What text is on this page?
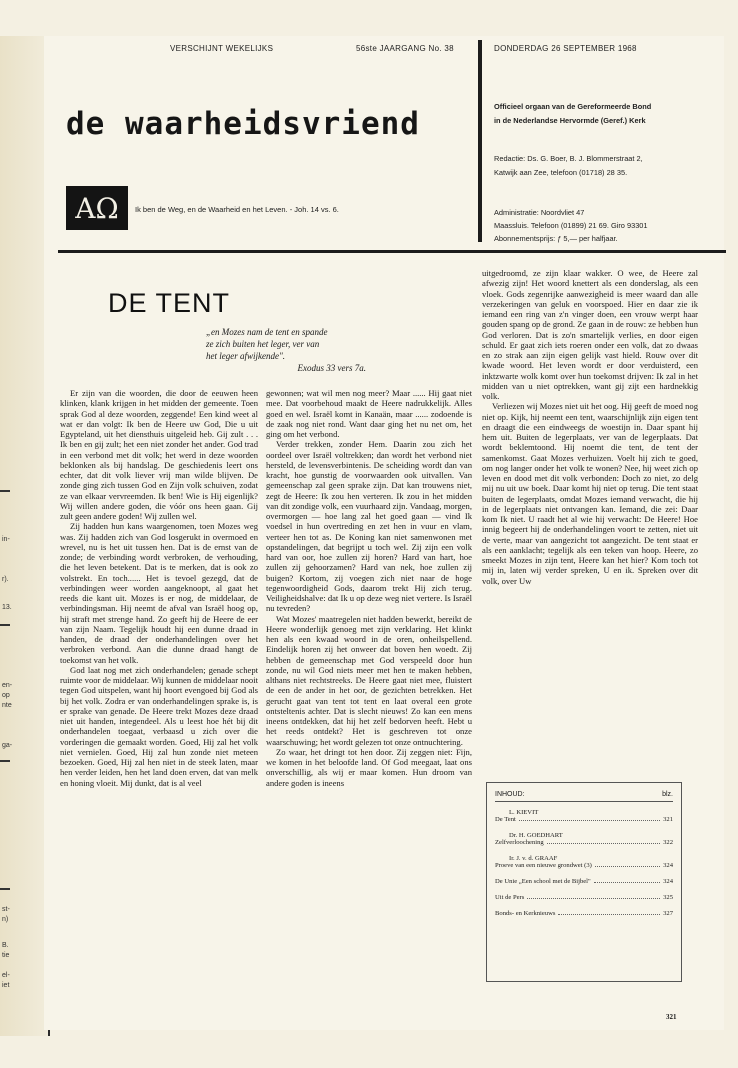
in-
r).
13.
en-
op
nte
ga-
st-
n)
B.
tie
el-
iet
VERSCHIJNT WEKELIJKS	56ste JAARGANG No. 38	DONDERDAG 26 SEPTEMBER 1968
de waarheidsvriend
ΑΩ	Ik ben de Weg, en de Waarheid en het Leven. - Joh. 14 vs. 6.
Officieel orgaan van de Gereformeerde Bond
in de Nederlandse Hervormde (Geref.) Kerk
Redactie: Ds. G. Boer, B. J. Blommerstraat 2,
Katwijk aan Zee, telefoon (01718) 28 35.
Administratie: Noordvliet 47
Maassluis. Telefoon (01899) 21 69. Giro 93301
Abonnementsprijs: ƒ 5,— per halfjaar.
DE TENT
„en Mozes nam de tent en spande
ze zich buiten het leger, ver van
het leger afwijkende".
Exodus 33 vers 7a.

Er zijn van die woorden, die door de eeuwen heen klinken, klank krijgen in het midden der gemeente. Toen sprak God al deze woorden, zeggende! Een kind weet al wat er dan volgt: Ik ben de Heere uw God, Die u uit Egypteland, uit het diensthuis uitgeleid heb. Gij zult . . . Ik ben en gij zult; het een niet zonder het ander. God trad in een verbond met dit volk; het werd in deze woorden beklonken als bij handslag. De geschiedenis leert ons echter, dat dit volk liever vrij man wilde blijven. De zonde ging zich tussen God en Zijn volk schuiven, zodat ze van elkaar vervreemden. Ik ben! Wie is Hij eigenlijk? Wij willen andere goden, die vóór ons heen gaan. Gij zult geen andere goden! Wij zullen wel.

Zij hadden hun kans waargenomen, toen Mozes weg was. Zij hadden zich van God losgerukt in overmoed en wrevel, nu is het uit tussen hen. Dat is de ernst van de zonde; de verbinding wordt verbroken, de verhouding, die het leven betekent. Dat is te merken, dat is ook zo volstrekt. En toch...... Het is tevoel gezegd, dat de verbindingen weer worden aangeknoopt, al gaat het reeds die kant uit. Mozes is er nog, de middelaar, de verbindingsman. Hij neemt de afval van Israël hoog op, hij straft met strenge hand. Zo geeft hij de Heere de eer van zijn Naam. Tegelijk houdt hij een dunne draad in handen, de draad der onderhandelingen over het verbroken verbond. Aan die dunne draad hangt de toekomst van het volk.

God laat nog met zich onderhandelen; genade schept ruimte voor de middelaar. Wij kunnen de middelaar nooit tegen God uitspelen, want hij hoort evengoed bij God als bij het volk. Zodra er van onderhandelingen sprake is, is er sprake van genade. De Heere trekt Mozes deze draad niet uit handen, integendeel. Als u leest hoe hét bij dit onderhandelen toegaat, verbaasd u zich over die vorderingen die gemaakt worden. Goed, Hij zal het volk niet vernielen. Goed, Hij zal hun zonde niet meteen bezoeken. Goed, Hij zal hen niet in de steek laten, maar hen verder leiden, hen het land doen erven, dat van melk en honing vloeit. Mij dunkt, dat is al veel

gewonnen; wat wil men nog meer? Maar ...... Hij gaat niet mee. Dat voorbehoud maakt de Heere nadrukkelijk. Alles goed en wel. Israël komt in Kanaän, maar ...... zodoende is de zaak nog niet rond. Want daar ging het nu net om, het ging om het verbond.

Verder trekken, zonder Hem. Daarin zou zich het oordeel over Israël voltrekken; dan wordt het verbond niet hersteld, de levensverbintenis. De scheiding wordt dan van kracht, hoe gunstig de voorwaarden ook uitvallen. Van gemeenschap zal geen sprake zijn. Dat kan trouwens niet, zegt de Heere: Ik zou hen verteren. Ik zou in het midden van dit zondige volk, een vuurhaard zijn. Vandaag, morgen, overmorgen — hoe lang zal het goed gaan — vind Ik voedsel in hun overtreding en zet hen in vuur en vlam, verteer hen tot as. De Koning kan niet samenwonen met opstandelingen, dat begrijpt u toch wel. Zij zijn een volk hard van oor, hoe zullen zij horen? Hard van hart, hoe zullen zij gehoorzamen? Hard van nek, hoe zullen zij buigen? Kortom, zij voegen zich niet naar de hoge tegenwoordigheid Gods, daarom trekt Hij zich terug. Veiligheidshalve: dat Ik u op deze weg niet vertere. Is Israël nu tevreden?

Wat Mozes' maatregelen niet hadden bewerkt, bereikt de Heere wonderlijk genoeg met zijn verklaring. Het klinkt hen als een kwaad woord in de oren, onheilspellend. Eindelijk horen zij het onweer dat boven hen woedt. Zij hebben de gemeenschap met God verspeeld door hun zonde, nu wil God niets meer met hen te maken hebben, althans niet rechtstreeks. De Heere gaat niet mee, fluistert de een de ander in het oor, de gezichten betrekken. Het gerucht gaat van tent tot tent en laat overal een grote ontsteltenis achter. Dat is slecht nieuws! Zo kan een mens ineens ontdekken, dat hij het zelf bedorven heeft. Hebt u het reeds ontdekt? Het is geschreven tot onze waarschuwing; het wordt gelezen tot onze ontnuchtering.

Zo waar, het dringt tot hen door. Zij zeggen niet: Fijn, we komen in het beloofde land. Of God meegaat, laat ons onverschillig, als wij er maar komen. Hun droom van andere goden is ineens

uitgedroomd, ze zijn klaar wakker. O wee, de Heere zal afwezig zijn! Het woord knettert als een donderslag, als een vloek. Gods zegenrijke aanwezigheid is meer waard dan alle verzekeringen van geluk en voorspoed. Hier en daar zie ik iemand een ring van z'n vinger doen, een vrouw werpt haar gouden spang op de grond. Ze gaan in de rouw: ze hebben hun God verloren. Dat is zo'n smartelijk verlies, en door eigen schuld. Er gaat zich iets roeren onder een volk, dat zo dwaas en zo strak aan zijn eigen gelijk vast hield. Rouw over dit kwade woord. Het leven wordt er door verduisterd, een inktzwarte wolk komt over hun toekomst drijven: Ik zal in het midden van u niet optrekken, want gij zijt een hardnekkig volk.

Verliezen wij Mozes niet uit het oog. Hij geeft de moed nog niet op. Kijk, hij neemt een tent, waarschijnlijk zijn eigen tent en draagt die een eindweegs de woestijn in. Daar spant hij hem uit. Buiten de legerplaats, ver van de legerplaats. Dat wordt beklemtoond. Hij noemt die tent, de tent der samenkomst. Gaat Mozes verhuizen. Voelt hij zich te goed, om nog langer onder het volk te wonen? Nee, hij weet zich op leven en dood met dit volk verbonden: Doch zo niet, zo delg mij nu uit uw boek. Daar komt hij niet op terug. Die tent staat buiten de legerplaats, omdat Mozes iemand verwacht, die hij in de legerplaats niet ontvangen kan. Iemand, die zei: Daar kom Ik niet. U raadt het al wie hij verwacht: De Heere! Hoe innig begeert hij de onderhandelingen voort te zetten, niet uit de verte, maar van aangezicht tot aangezicht. De tent staat er als een aanklacht; tegelijk als een teken van hoop. Heere, zo smeekt Mozes in zijn tent, Heere kan het hier? Kom toch tot mij in, laten wij verder spreken, U en ik. Spreken over dit volk, over Uw

INHOUD:	blz.
L. KIEVIT
De Tent	321
Dr. H. GOEDHART
Zelfverloochening	322
Ir. J. v. d. GRAAF
Proeve van een nieuwe grondwet (3)	324
De Unie „Een school met de Bijbel"	324
Uit de Pers	325
Bonds- en Kerknieuws	327
321
